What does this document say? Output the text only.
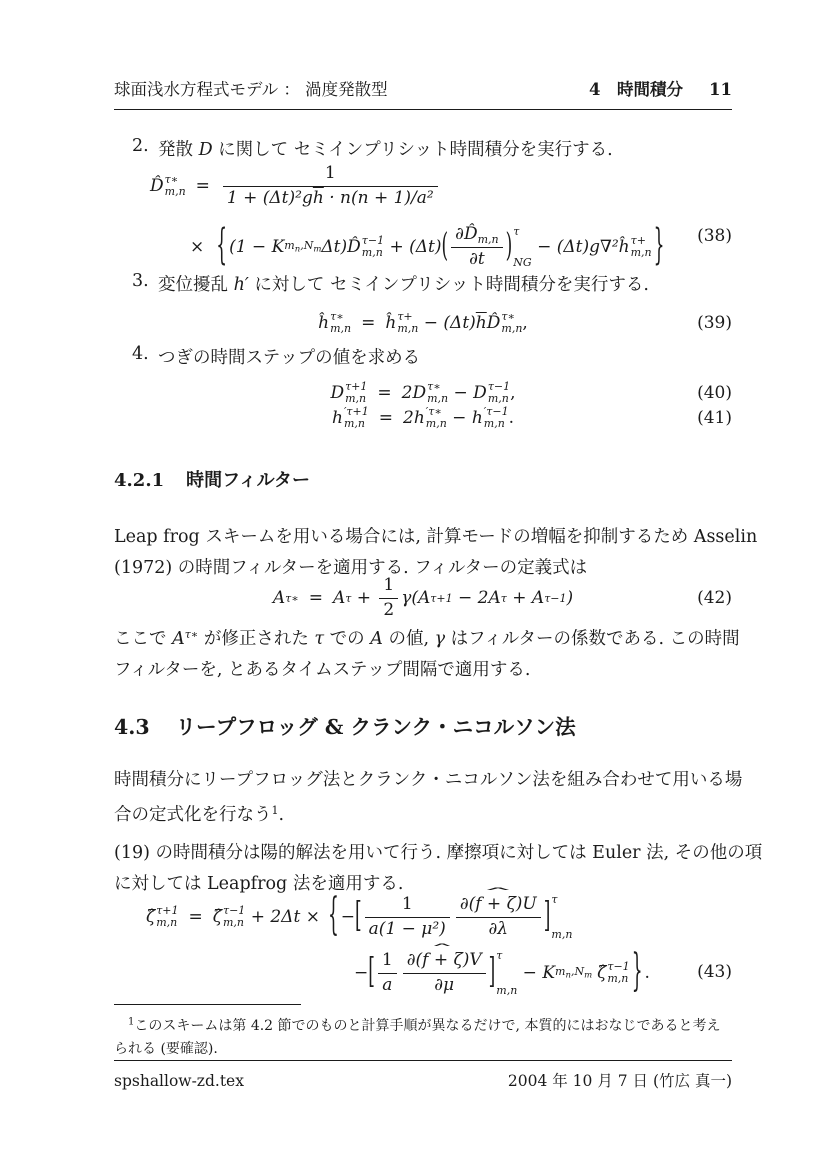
球面浅水方程式モデル ： 渦度発散型	4　時間積分 11
2. 発散 D に関して セミインプリシット時間積分を実行する.
D̂ τ∗
$m,n = \frac{1}{1 + (\Delta t)^2g\overline{h} \cdot n(n + 1)/a^2}$
× { (1 − K $m_n,N_m$ Δt) D̂ τ−1
m,n + (Δt) ( $\frac{\partial D̂_{m,n}}{\partial t}$ ) τ
NG
− (Δt)g∇² ĥ τ+
m,n } (38)
3. 変位擾乱 h′ に対して セミインプリシット時間積分を実行する.
ĥ τ∗
m,n = ĥ τ+
m,n − (Δt) $\overline{h}$ D̂ τ∗
m,n ,	(39)
4. つぎの時間ステップの値を求める
D τ+1
m,n = 2D τ∗
m,n − D τ−1
m,n ,	(40)
h ′τ+1
m,n = 2h ′τ∗
m,n − h ′τ−1
m,n .	(41)
4.2.1 時間フィルター
Leap frog スキームを用いる場合には, 計算モードの増幅を抑制するため Asselin
(1972) の時間フィルターを適用する. フィルターの定義式は
A τ∗ = A $\tau + \frac{1}{2} \gamma(A$ τ+1 − 2A τ + A τ−1 )	(42)
ここで $A^{\tau∗}$ が修正された τ での A の値, γ はフィルターの係数である. この時間
フィルターを, とあるタイムステップ間隔で適用する.
4.3 リープフロッグ & クランク・ニコルソン法
時間積分にリープフロッグ法とクランク・ニコルソン法を組み合わせて用いる場
合の定式化を行なう$^1$.
(19) の時間積分は陽的解法を用いて行う. 摩擦項に対しては Euler 法, その他の項
に対しては Leapfrog 法を適用する.
ζ̂ τ+1
m,n = ζ̂ τ−1
m,n + 2Δt × { − [ $\frac{1}{\text{a(1 − μ²)}}$ ˆ $\frac{\partial(f + \zeta)U}{\partial\lambda}$ ] τ
m,n
− [ $\frac{1}{a} \frac{\text{∂ˆ (f + ζ)V}}{\partial\mu}$ ] τ
m,n
− K $m_n,N_m$ ζ̂ τ−1
m,n } .	(43)
$^1$このスキームは第 4.2 節でのものと計算手順が異なるだけで, 本質的にはおなじであると考え
られる (要確認).
spshallow-zd.tex	2004 年 10 月 7 日 (竹広 真一)
